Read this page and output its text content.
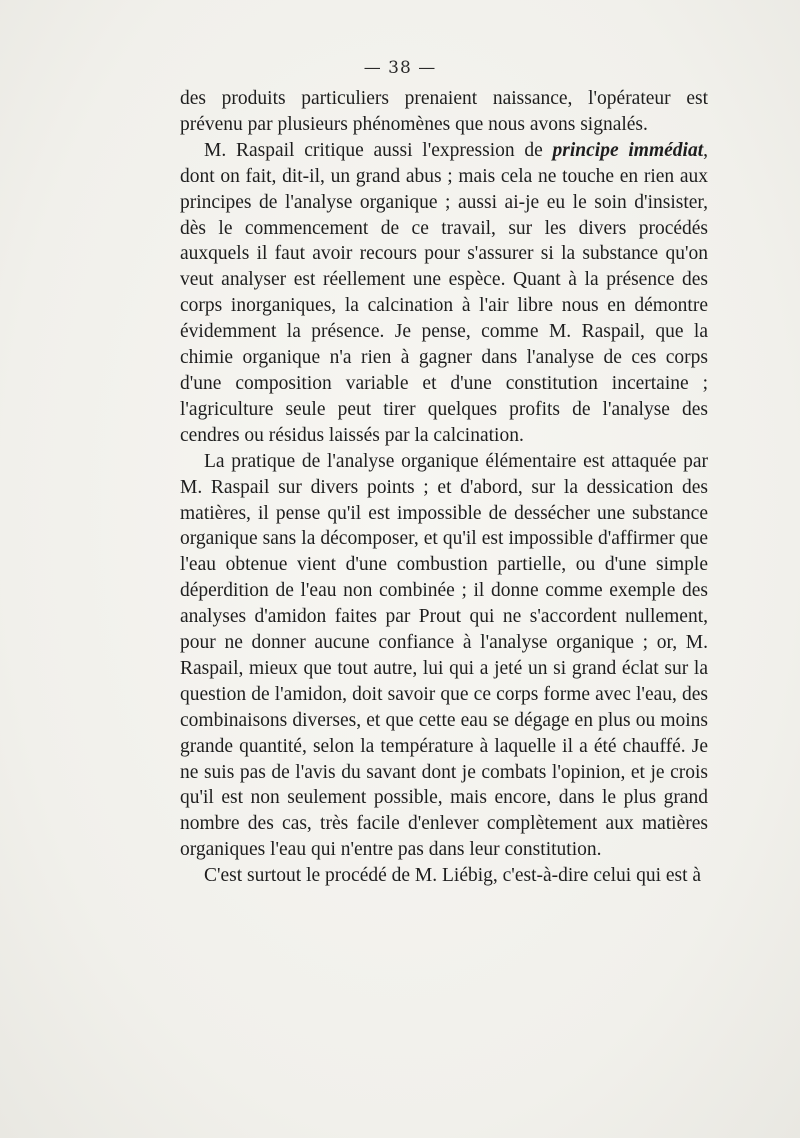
— 38 —

des produits particuliers prenaient naissance, l'opérateur est prévenu par plusieurs phénomènes que nous avons signalés.

M. Raspail critique aussi l'expression de principe immédiat, dont on fait, dit-il, un grand abus ; mais cela ne touche en rien aux principes de l'analyse organique ; aussi ai-je eu le soin d'insister, dès le commencement de ce travail, sur les divers procédés auxquels il faut avoir recours pour s'assurer si la substance qu'on veut analyser est réellement une espèce. Quant à la présence des corps inorganiques, la calcination à l'air libre nous en démontre évidemment la présence. Je pense, comme M. Raspail, que la chimie organique n'a rien à gagner dans l'analyse de ces corps d'une composition variable et d'une constitution incertaine ; l'agriculture seule peut tirer quelques profits de l'analyse des cendres ou résidus laissés par la calcination.

La pratique de l'analyse organique élémentaire est attaquée par M. Raspail sur divers points ; et d'abord, sur la dessication des matières, il pense qu'il est impossible de dessécher une substance organique sans la décomposer, et qu'il est impossible d'affirmer que l'eau obtenue vient d'une combustion partielle, ou d'une simple déperdition de l'eau non combinée ; il donne comme exemple des analyses d'amidon faites par Prout qui ne s'accordent nullement, pour ne donner aucune confiance à l'analyse organique ; or, M. Raspail, mieux que tout autre, lui qui a jeté un si grand éclat sur la question de l'amidon, doit savoir que ce corps forme avec l'eau, des combinaisons diverses, et que cette eau se dégage en plus ou moins grande quantité, selon la température à laquelle il a été chauffé. Je ne suis pas de l'avis du savant dont je combats l'opinion, et je crois qu'il est non seulement possible, mais encore, dans le plus grand nombre des cas, très facile d'enlever complètement aux matières organiques l'eau qui n'entre pas dans leur constitution.

C'est surtout le procédé de M. Liébig, c'est-à-dire celui qui est à
